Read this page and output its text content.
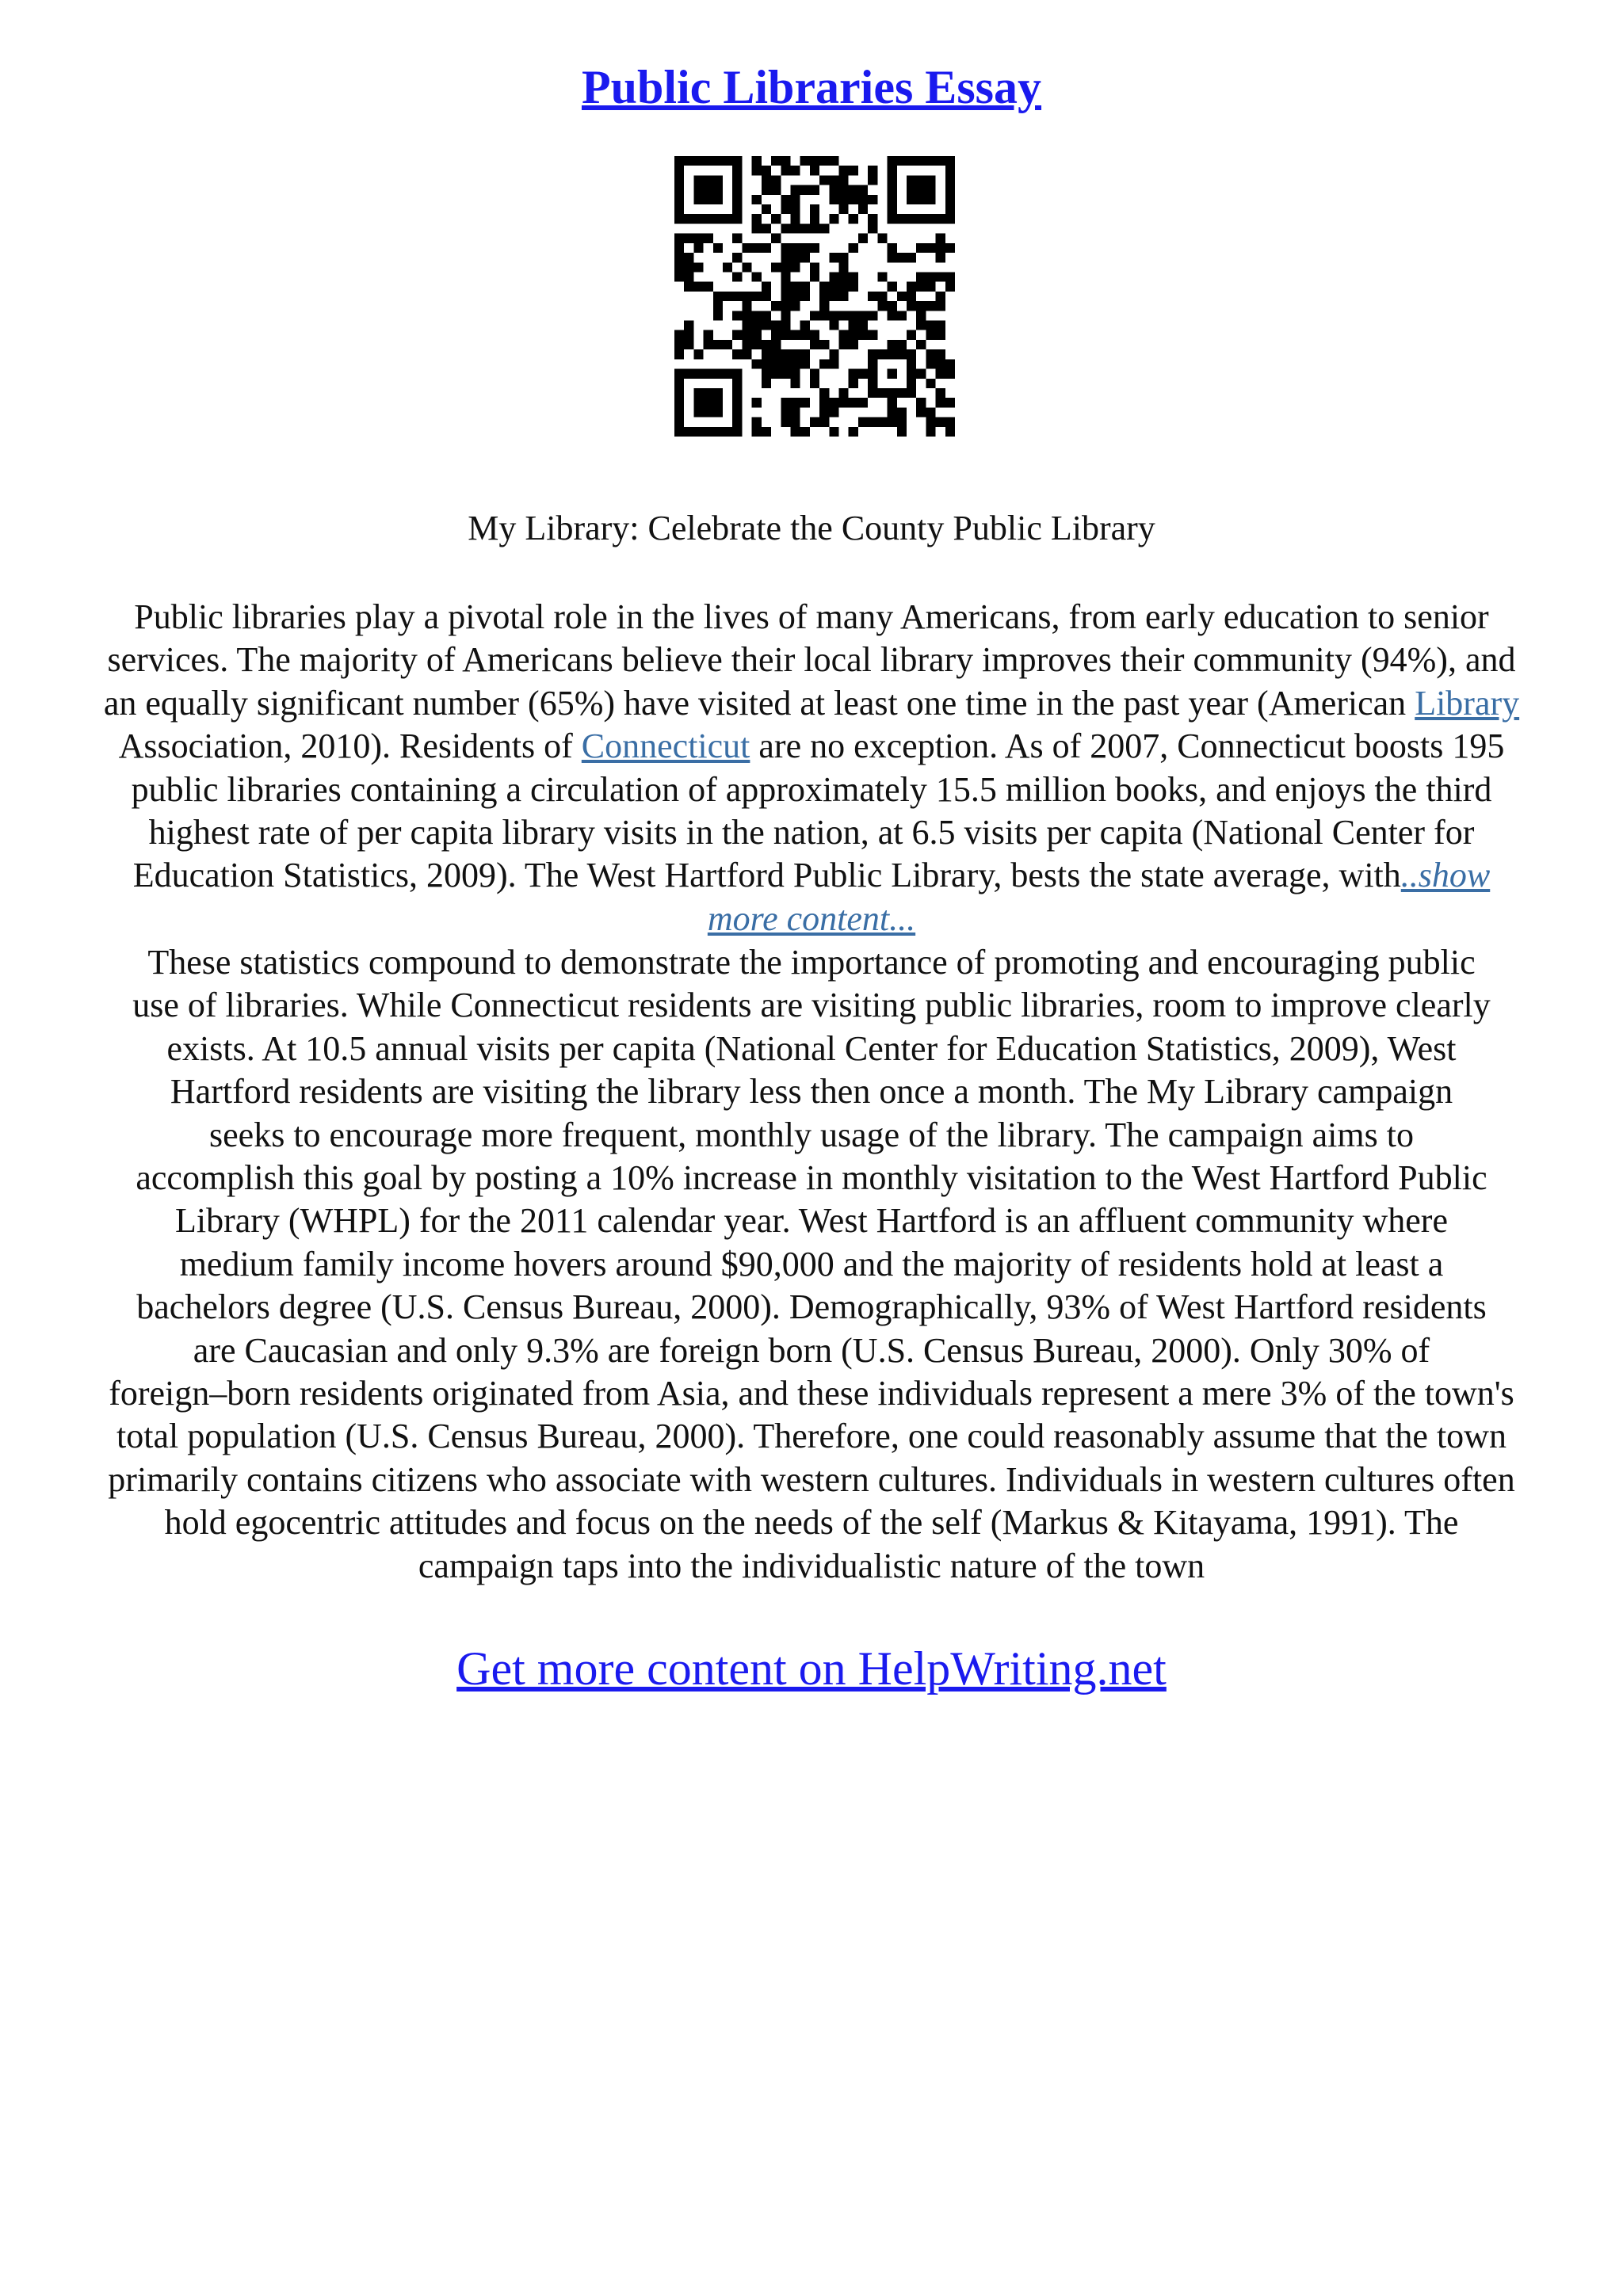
Public Libraries Essay
My Library: Celebrate the County Public Library
Public libraries play a pivotal role in the lives of many Americans, from early education to senior
services. The majority of Americans believe their local library improves their community (94%), and
an equally significant number (65%) have visited at least one time in the past year (American Library
Association, 2010). Residents of Connecticut are no exception. As of 2007, Connecticut boosts 195
public libraries containing a circulation of approximately 15.5 million books, and enjoys the third
highest rate of per capita library visits in the nation, at 6.5 visits per capita (National Center for
Education Statistics, 2009). The West Hartford Public Library, bests the state average, with..show
more content...
These statistics compound to demonstrate the importance of promoting and encouraging public
use of libraries. While Connecticut residents are visiting public libraries, room to improve clearly
exists. At 10.5 annual visits per capita (National Center for Education Statistics, 2009), West
Hartford residents are visiting the library less then once a month. The My Library campaign
seeks to encourage more frequent, monthly usage of the library. The campaign aims to
accomplish this goal by posting a 10% increase in monthly visitation to the West Hartford Public
Library (WHPL) for the 2011 calendar year. West Hartford is an affluent community where
medium family income hovers around $90,000 and the majority of residents hold at least a
bachelors degree (U.S. Census Bureau, 2000). Demographically, 93% of West Hartford residents
are Caucasian and only 9.3% are foreign born (U.S. Census Bureau, 2000). Only 30% of
foreign–born residents originated from Asia, and these individuals represent a mere 3% of the town's
total population (U.S. Census Bureau, 2000). Therefore, one could reasonably assume that the town
primarily contains citizens who associate with western cultures. Individuals in western cultures often
hold egocentric attitudes and focus on the needs of the self (Markus & Kitayama, 1991). The
campaign taps into the individualistic nature of the town
Get more content on HelpWriting.net
